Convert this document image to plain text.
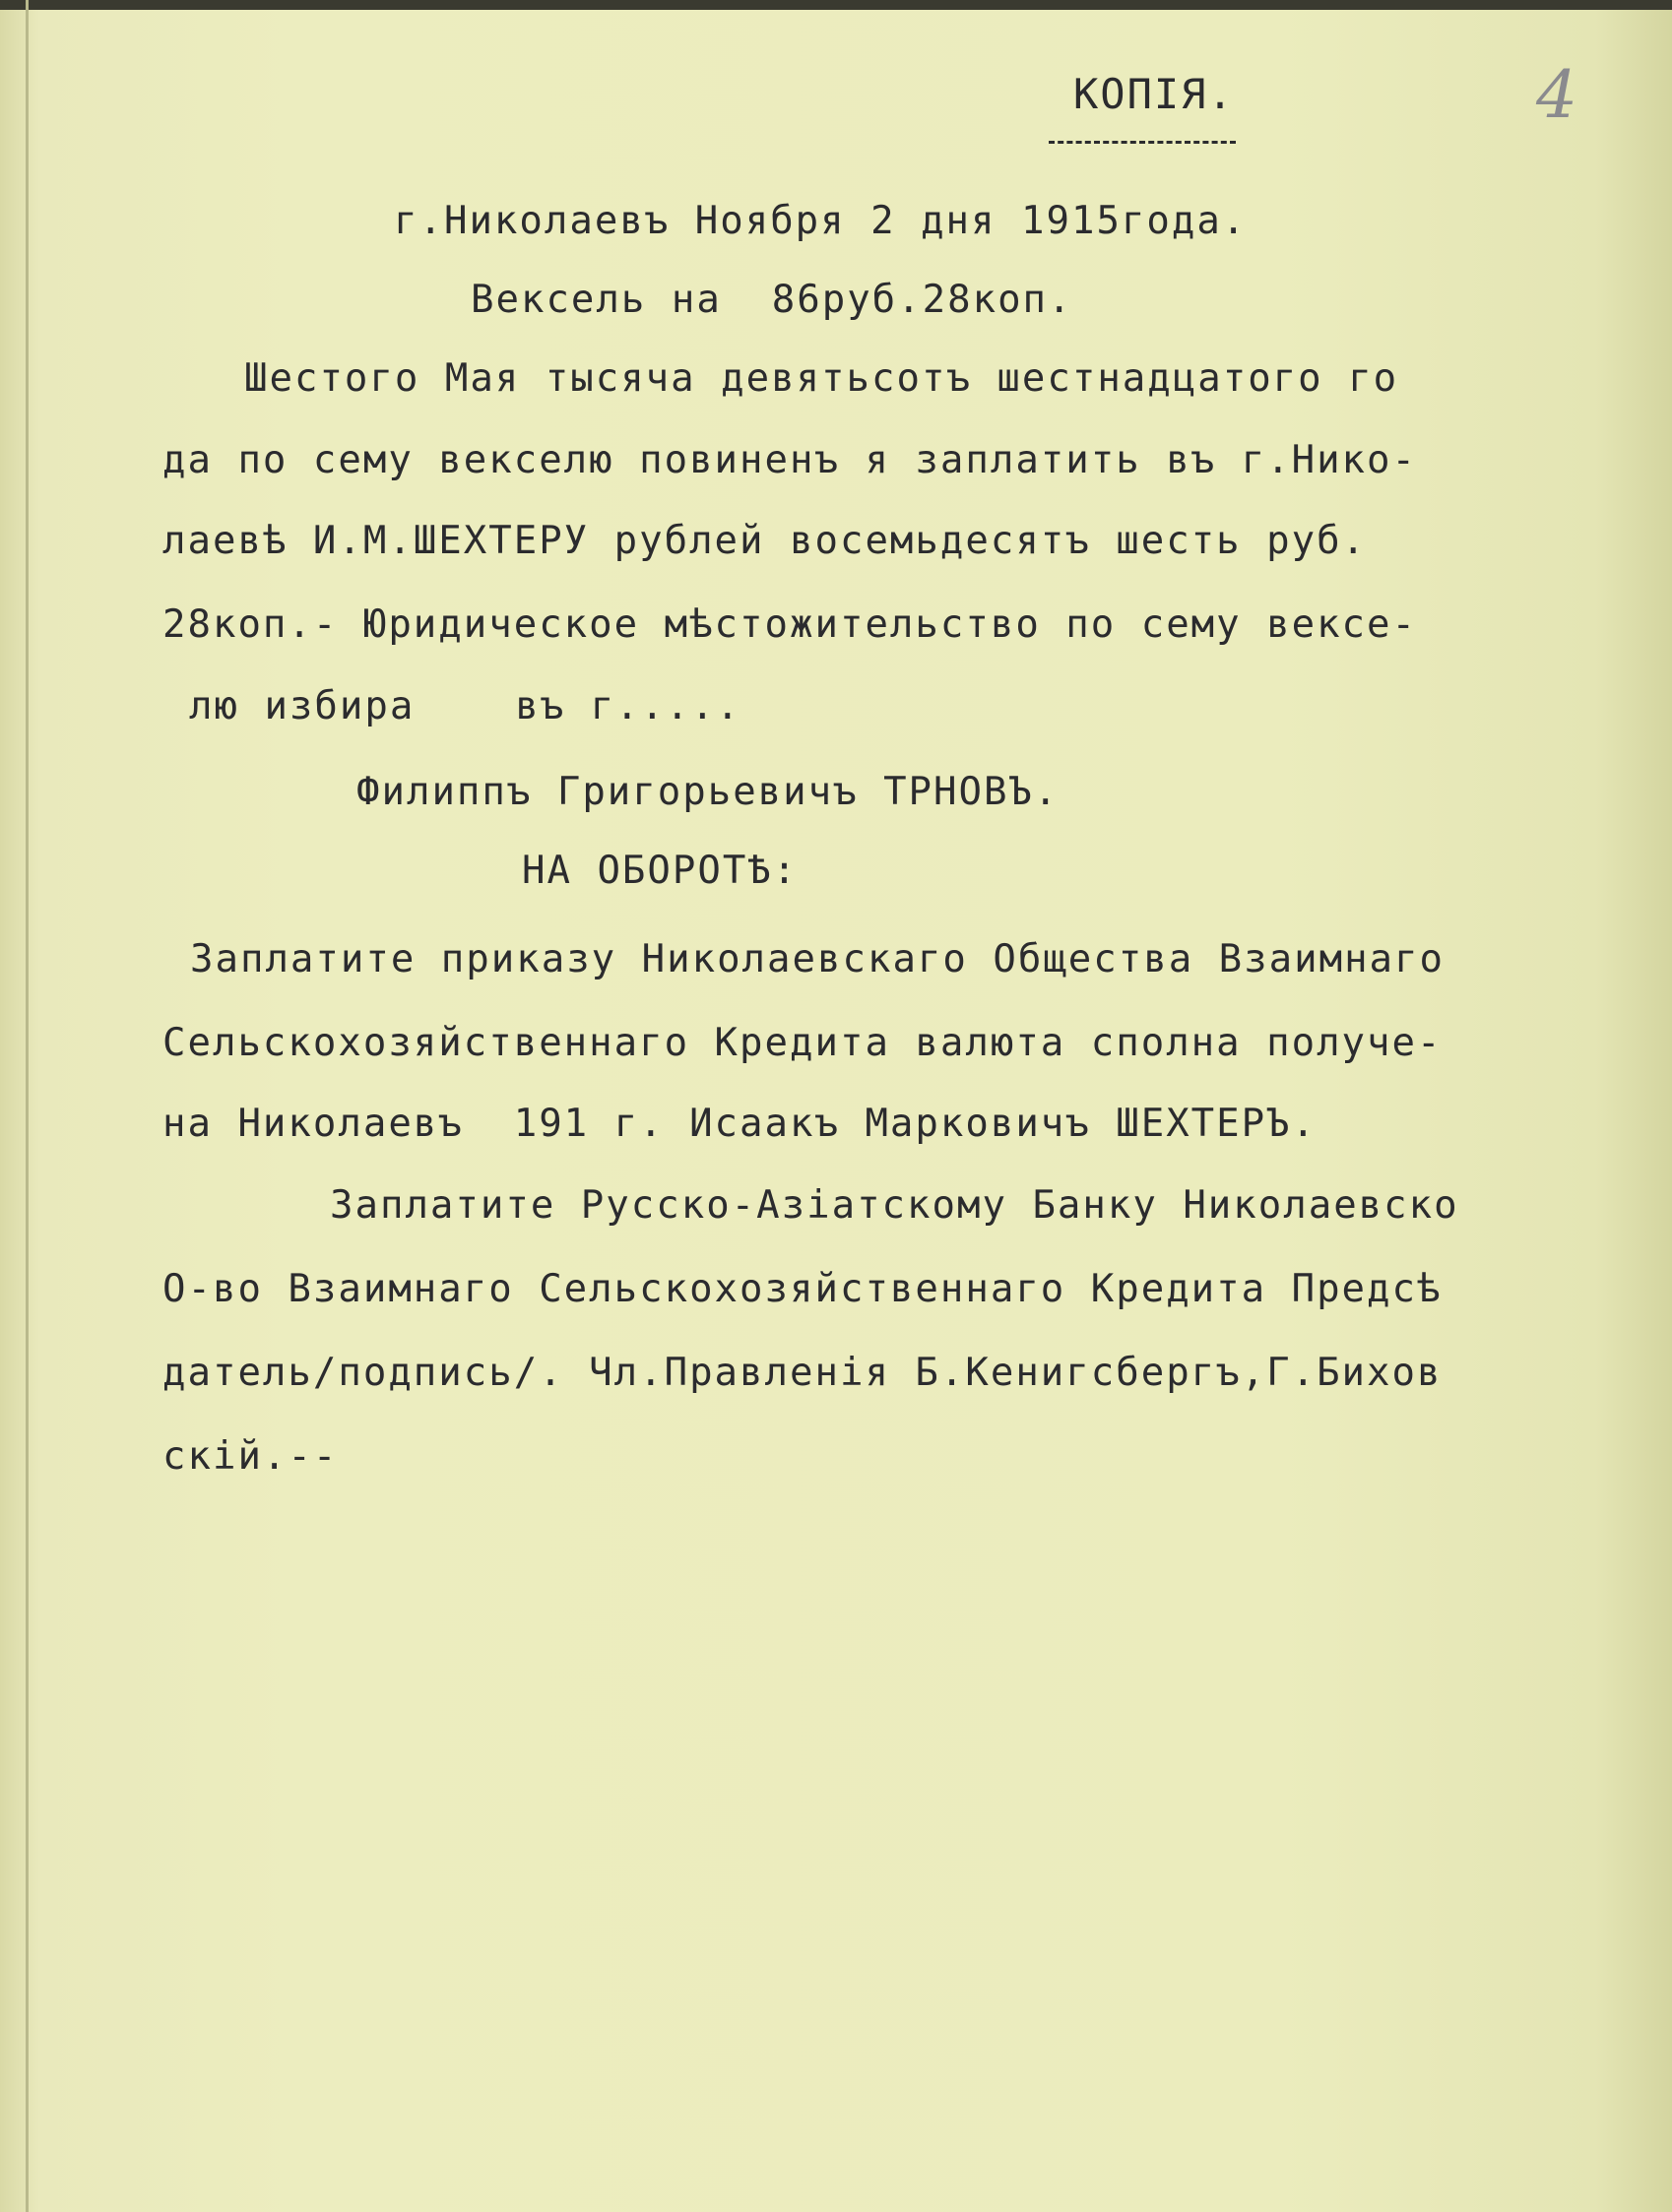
4
КОПІЯ.
г.Николаевъ Ноября 2 дня 1915года.
Вексель на  86руб.28коп.
Шестого Мая тысяча девятьсотъ шестнадцатого го
да по сему векселю повиненъ я заплатить въ г.Нико-
лаевѣ И.М.ШЕХТЕРУ рублей восемьдесятъ шесть руб.
28коп.- Юридическое мѣстожительство по сему вексе-
лю избира    въ г.....
Филиппъ Григорьевичъ ТРНОВЪ.
НА ОБОРОТѢ:
Заплатите приказу Николаевскаго Общества Взаимнаго
Сельскохозяйственнаго Кредита валюта сполна получе-
на Николаевъ  191 г. Исаакъ Марковичъ ШЕХТЕРЪ.
Заплатите Русско-Азiатскому Банку Николаевско
О-во Взаимнаго Сельскохозяйственнаго Кредита Предсѣ
датель/подпись/. Чл.Правленiя Б.Кенигсбергъ,Г.Бихов
скiй.--
